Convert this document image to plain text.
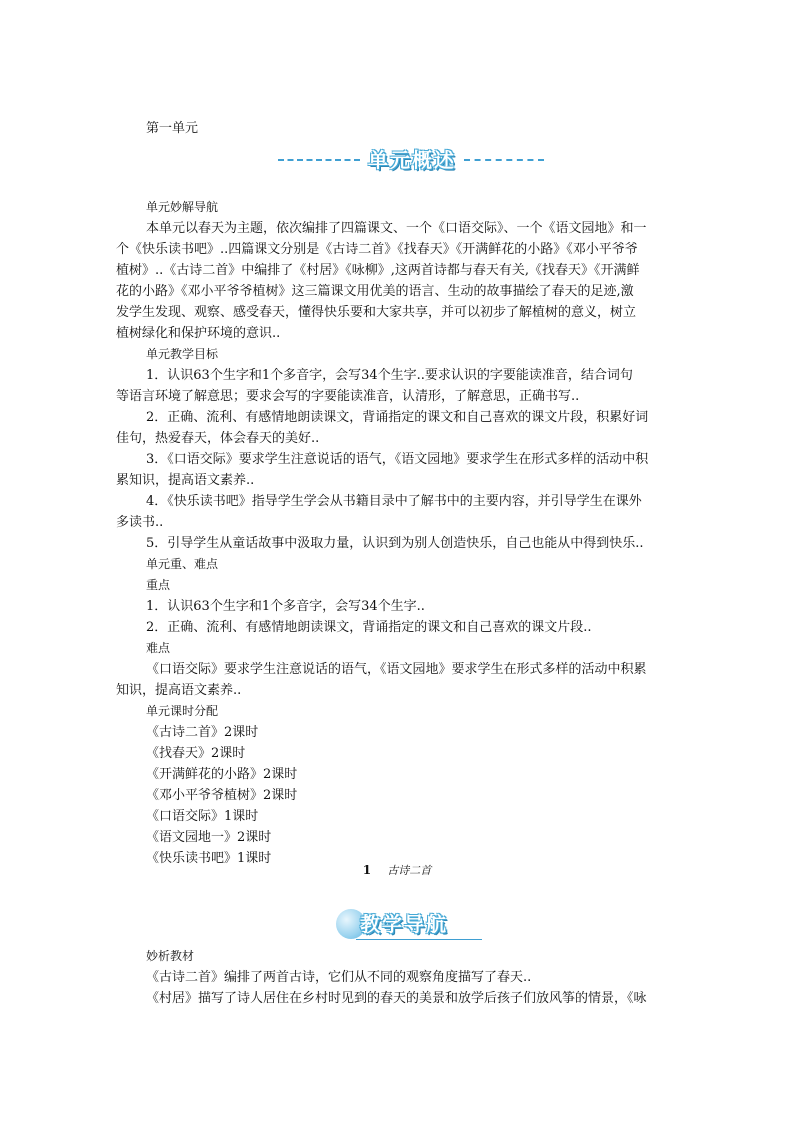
第一单元
单元概述
单元妙解导航
本单元以春天为主题，依次编排了四篇课文、一个《口语交际》、一个《语文园地》和一
个《快乐读书吧》..四篇课文分别是《古诗二首》《找春天》《开满鲜花的小路》《邓小平爷爷
植树》..《古诗二首》中编排了《村居》《咏柳》,这两首诗都与春天有关,《找春天》《开满鲜
花的小路》《邓小平爷爷植树》这三篇课文用优美的语言、生动的故事描绘了春天的足迹,激
发学生发现、观察、感受春天，懂得快乐要和大家共享，并可以初步了解植树的意义，树立
植树绿化和保护环境的意识..
单元教学目标
1．认识63个生字和1个多音字，会写34个生字..要求认识的字要能读准音，结合词句
等语言环境了解意思；要求会写的字要能读准音，认清形，了解意思，正确书写..
2．正确、流利、有感情地朗读课文，背诵指定的课文和自己喜欢的课文片段，积累好词
佳句，热爱春天，体会春天的美好..
3．《口语交际》要求学生注意说话的语气，《语文园地》要求学生在形式多样的活动中积
累知识，提高语文素养..
4．《快乐读书吧》指导学生学会从书籍目录中了解书中的主要内容，并引导学生在课外
多读书..
5．引导学生从童话故事中汲取力量，认识到为别人创造快乐，自己也能从中得到快乐..
单元重、难点
重点
1．认识63个生字和1个多音字，会写34个生字..
2．正确、流利、有感情地朗读课文，背诵指定的课文和自己喜欢的课文片段..
难点
《口语交际》要求学生注意说话的语气，《语文园地》要求学生在形式多样的活动中积累
知识，提高语文素养..
单元课时分配
《古诗二首》2课时
《找春天》2课时
《开满鲜花的小路》2课时
《邓小平爷爷植树》2课时
《口语交际》1课时
《语文园地一》2课时
《快乐读书吧》1课时
1 古诗二首
教学导航
妙析教材
《古诗二首》编排了两首古诗，它们从不同的观察角度描写了春天..
《村居》描写了诗人居住在乡村时见到的春天的美景和放学后孩子们放风筝的情景，《咏
